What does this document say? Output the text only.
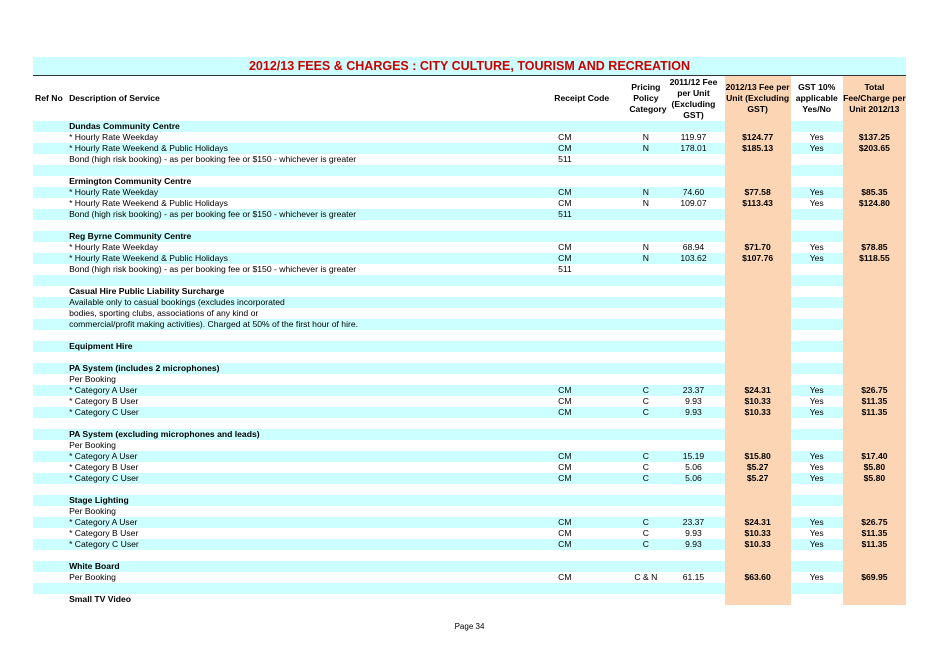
2012/13 FEES & CHARGES : CITY CULTURE, TOURISM AND RECREATION
Ref No	Description of Service	Receipt Code	Pricing Policy Category	2011/12 Fee per Unit (Excluding GST)	2012/13 Fee per Unit (Excluding GST)	GST 10% applicable Yes/No	Total Fee/Charge per Unit 2012/13
	Dundas Community Centre						
	* Hourly Rate Weekday	CM	N	119.97	$124.77	Yes	$137.25
	* Hourly Rate Weekend & Public Holidays	CM	N	178.01	$185.13	Yes	$203.65
	Bond (high risk booking) - as per booking fee or $150 - whichever is greater	511					

	Ermington Community Centre						
	* Hourly Rate Weekday	CM	N	74.60	$77.58	Yes	$85.35
	* Hourly Rate Weekend & Public Holidays	CM	N	109.07	$113.43	Yes	$124.80
	Bond (high risk booking) - as per booking fee or $150 - whichever is greater	511					

	Reg Byrne Community Centre						
	* Hourly Rate Weekday	CM	N	68.94	$71.70	Yes	$78.85
	* Hourly Rate Weekend & Public Holidays	CM	N	103.62	$107.76	Yes	$118.55
	Bond (high risk booking) - as per booking fee or $150 - whichever is greater	511					

	Casual Hire Public Liability Surcharge						
	Available only to casual bookings (excludes incorporated						
	bodies, sporting clubs, associations of any kind or						
	commercial/profit making activities). Charged at 50% of the first hour of hire.						

	Equipment Hire						

	PA System (includes 2 microphones)						
	Per Booking						
	* Category A User	CM	C	23.37	$24.31	Yes	$26.75
	* Category B User	CM	C	9.93	$10.33	Yes	$11.35
	* Category C User	CM	C	9.93	$10.33	Yes	$11.35

	PA System (excluding microphones and leads)						
	Per Booking						
	* Category A User	CM	C	15.19	$15.80	Yes	$17.40
	* Category B User	CM	C	5.06	$5.27	Yes	$5.80
	* Category C User	CM	C	5.06	$5.27	Yes	$5.80

	Stage Lighting						
	Per Booking						
	* Category A User	CM	C	23.37	$24.31	Yes	$26.75
	* Category B User	CM	C	9.93	$10.33	Yes	$11.35
	* Category C User	CM	C	9.93	$10.33	Yes	$11.35

	White Board						
	Per Booking	CM	C & N	61.15	$63.60	Yes	$69.95

	Small TV Video						
Page 34
